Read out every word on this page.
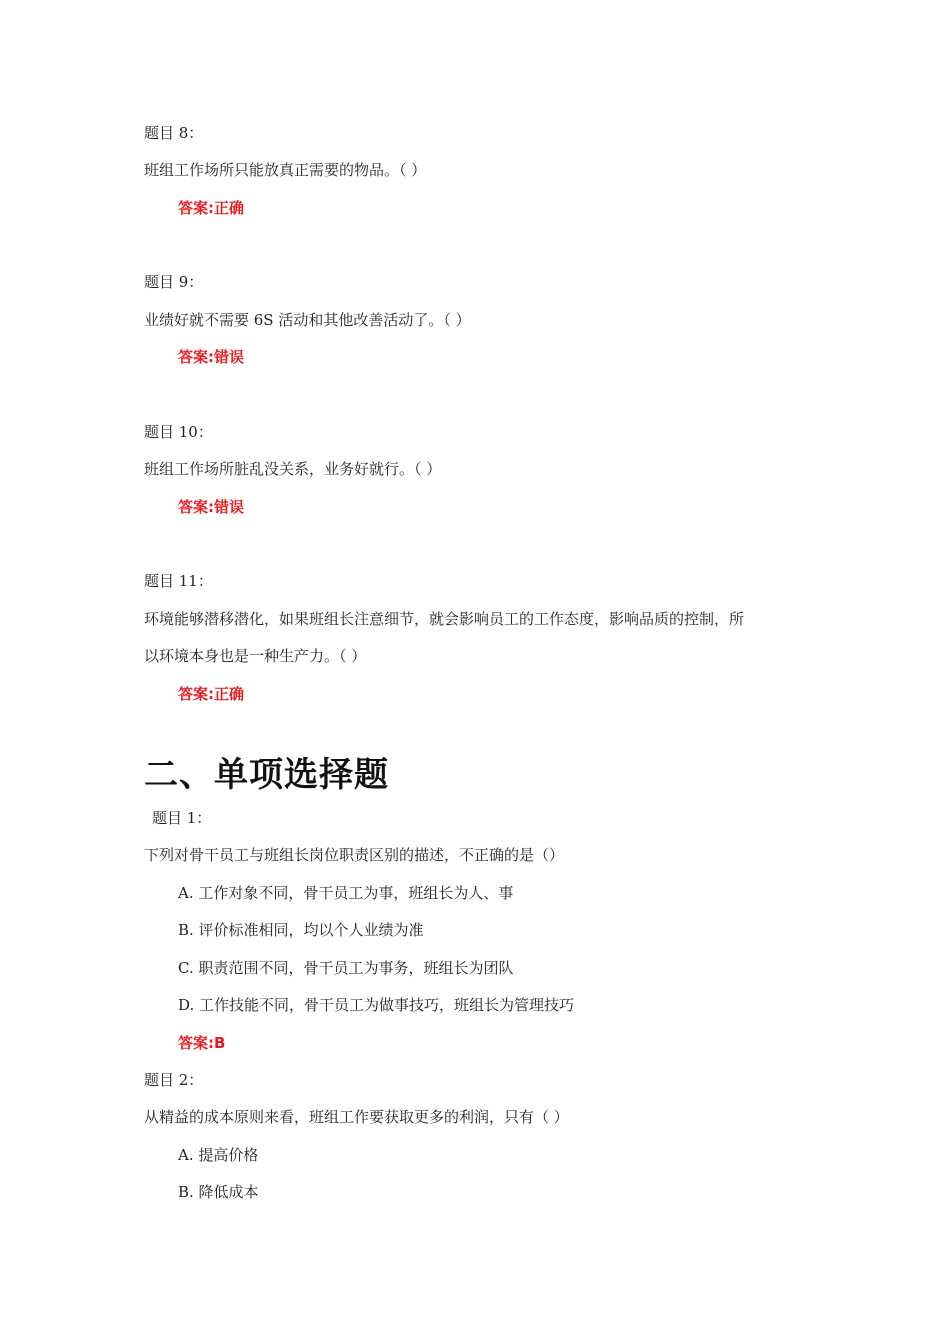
题目 8：
班组工作场所只能放真正需要的物品。（ ）
答案:正确
题目 9：
业绩好就不需要 6S 活动和其他改善活动了。（ ）
答案:错误
题目 10：
班组工作场所脏乱没关系，业务好就行。（ ）
答案:错误
题目 11：
环境能够潜移潜化，如果班组长注意细节，就会影响员工的工作态度，影响品质的控制，所
以环境本身也是一种生产力。（ ）
答案:正确
二、单项选择题
题目 1：
下列对骨干员工与班组长岗位职责区别的描述，不正确的是（）
A. 工作对象不同，骨干员工为事，班组长为人、事
B. 评价标准相同，均以个人业绩为准
C. 职责范围不同，骨干员工为事务，班组长为团队
D. 工作技能不同，骨干员工为做事技巧，班组长为管理技巧
答案:B
题目 2：
从精益的成本原则来看，班组工作要获取更多的利润，只有（ ）
A. 提高价格
B. 降低成本
